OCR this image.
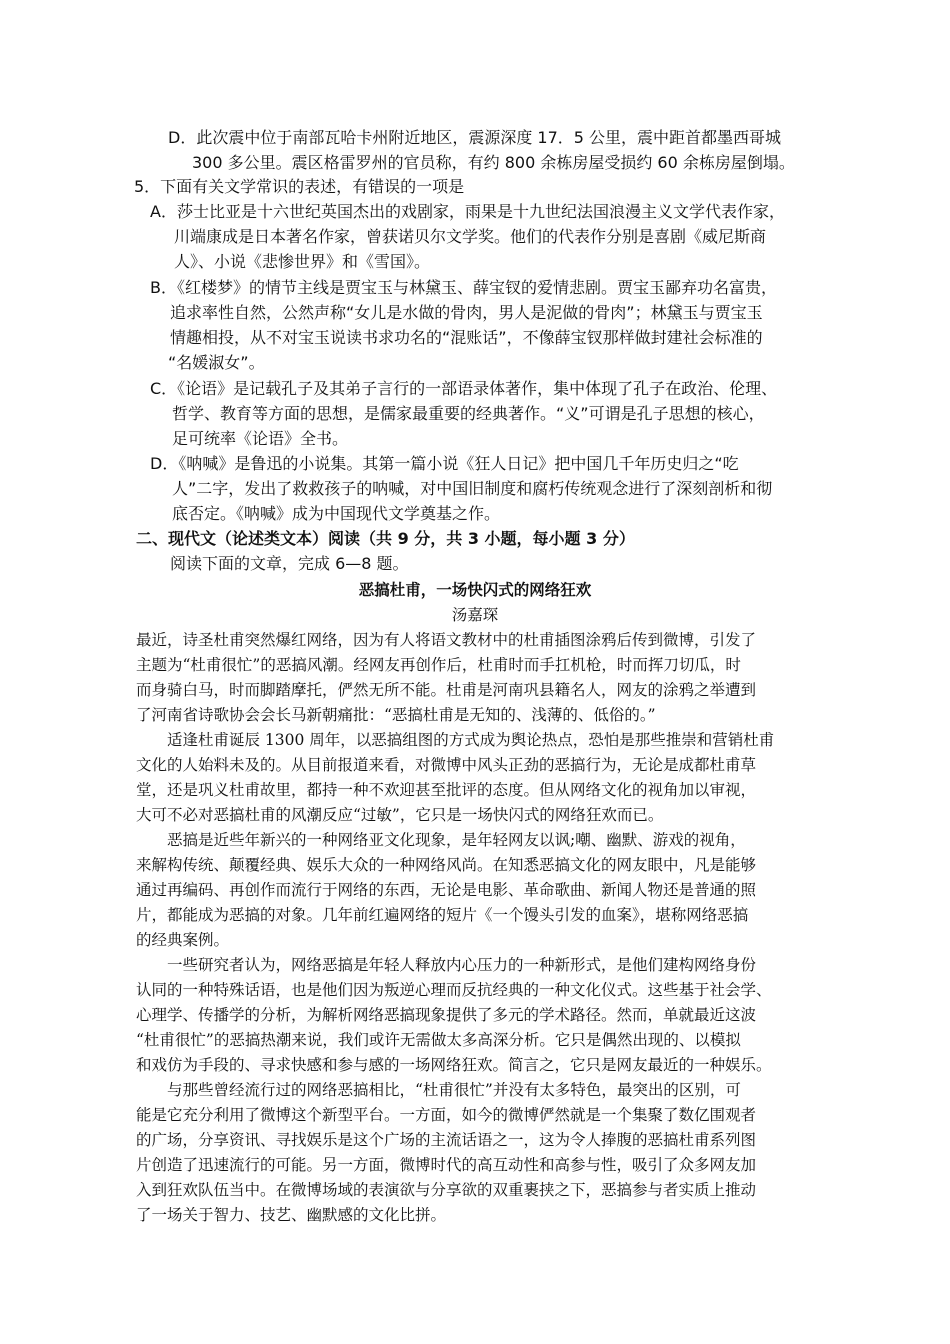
D．此次震中位于南部瓦哈卡州附近地区，震源深度 17．5 公里，震中距首都墨西哥城
300 多公里。震区格雷罗州的官员称，有约 800 余栋房屋受损约 60 余栋房屋倒塌。
5．下面有关文学常识的表述，有错误的一项是
A．莎士比亚是十六世纪英国杰出的戏剧家，雨果是十九世纪法国浪漫主义文学代表作家，
川端康成是日本著名作家，曾获诺贝尔文学奖。他们的代表作分别是喜剧《威尼斯商
人》、小说《悲惨世界》和《雪国》。
B．《红楼梦》的情节主线是贾宝玉与林黛玉、薛宝钗的爱情悲剧。贾宝玉鄙弃功名富贵，
追求率性自然，公然声称“女儿是水做的骨肉，男人是泥做的骨肉”；林黛玉与贾宝玉
情趣相投，从不对宝玉说读书求功名的“混账话”，不像薛宝钗那样做封建社会标准的
“名媛淑女”。
C．《论语》是记载孔子及其弟子言行的一部语录体著作，集中体现了孔子在政治、伦理、
哲学、教育等方面的思想，是儒家最重要的经典著作。“义”可谓是孔子思想的核心，
足可统率《论语》全书。
D．《呐喊》是鲁迅的小说集。其第一篇小说《狂人日记》把中国几千年历史归之“吃
人”二字，发出了救救孩子的呐喊，对中国旧制度和腐朽传统观念进行了深刻剖析和彻
底否定。《呐喊》成为中国现代文学奠基之作。
二、现代文（论述类文本）阅读（共 9 分，共 3 小题，每小题 3 分）
阅读下面的文章，完成 6—8 题。
恶搞杜甫，一场快闪式的网络狂欢
汤嘉琛
最近，诗圣杜甫突然爆红网络，因为有人将语文教材中的杜甫插图涂鸦后传到微博，引发了
主题为“杜甫很忙”的恶搞风潮。经网友再创作后，杜甫时而手扛机枪，时而挥刀切瓜，时
而身骑白马，时而脚踏摩托，俨然无所不能。杜甫是河南巩县籍名人，网友的涂鸦之举遭到
了河南省诗歌协会会长马新朝痛批：“恶搞杜甫是无知的、浅薄的、低俗的。”
　　适逢杜甫诞辰 1300 周年，以恶搞组图的方式成为舆论热点，恐怕是那些推崇和营销杜甫
文化的人始料未及的。从目前报道来看，对微博中风头正劲的恶搞行为，无论是成都杜甫草
堂，还是巩义杜甫故里，都持一种不欢迎甚至批评的态度。但从网络文化的视角加以审视，
大可不必对恶搞杜甫的风潮反应“过敏”，它只是一场快闪式的网络狂欢而已。
　　恶搞是近些年新兴的一种网络亚文化现象，是年轻网友以讽;嘲、幽默、游戏的视角，
来解构传统、颠覆经典、娱乐大众的一种网络风尚。在知悉恶搞文化的网友眼中，凡是能够
通过再编码、再创作而流行于网络的东西，无论是电影、革命歌曲、新闻人物还是普通的照
片，都能成为恶搞的对象。几年前红遍网络的短片《一个馒头引发的血案》，堪称网络恶搞
的经典案例。
　　一些研究者认为，网络恶搞是年轻人释放内心压力的一种新形式，是他们建构网络身份
认同的一种特殊话语，也是他们因为叛逆心理而反抗经典的一种文化仪式。这些基于社会学、
心理学、传播学的分析，为解析网络恶搞现象提供了多元的学术路径。然而，单就最近这波
“杜甫很忙”的恶搞热潮来说，我们或许无需做太多高深分析。它只是偶然出现的、以模拟
和戏仿为手段的、寻求快感和参与感的一场网络狂欢。简言之，它只是网友最近的一种娱乐。
　　与那些曾经流行过的网络恶搞相比，“杜甫很忙”并没有太多特色，最突出的区别，可
能是它充分利用了微博这个新型平台。一方面，如今的微博俨然就是一个集聚了数亿围观者
的广场，分享资讯、寻找娱乐是这个广场的主流话语之一，这为令人捧腹的恶搞杜甫系列图
片创造了迅速流行的可能。另一方面，微博时代的高互动性和高参与性，吸引了众多网友加
入到狂欢队伍当中。在微博场域的表演欲与分享欲的双重裹挟之下，恶搞参与者实质上推动
了一场关于智力、技艺、幽默感的文化比拼。
